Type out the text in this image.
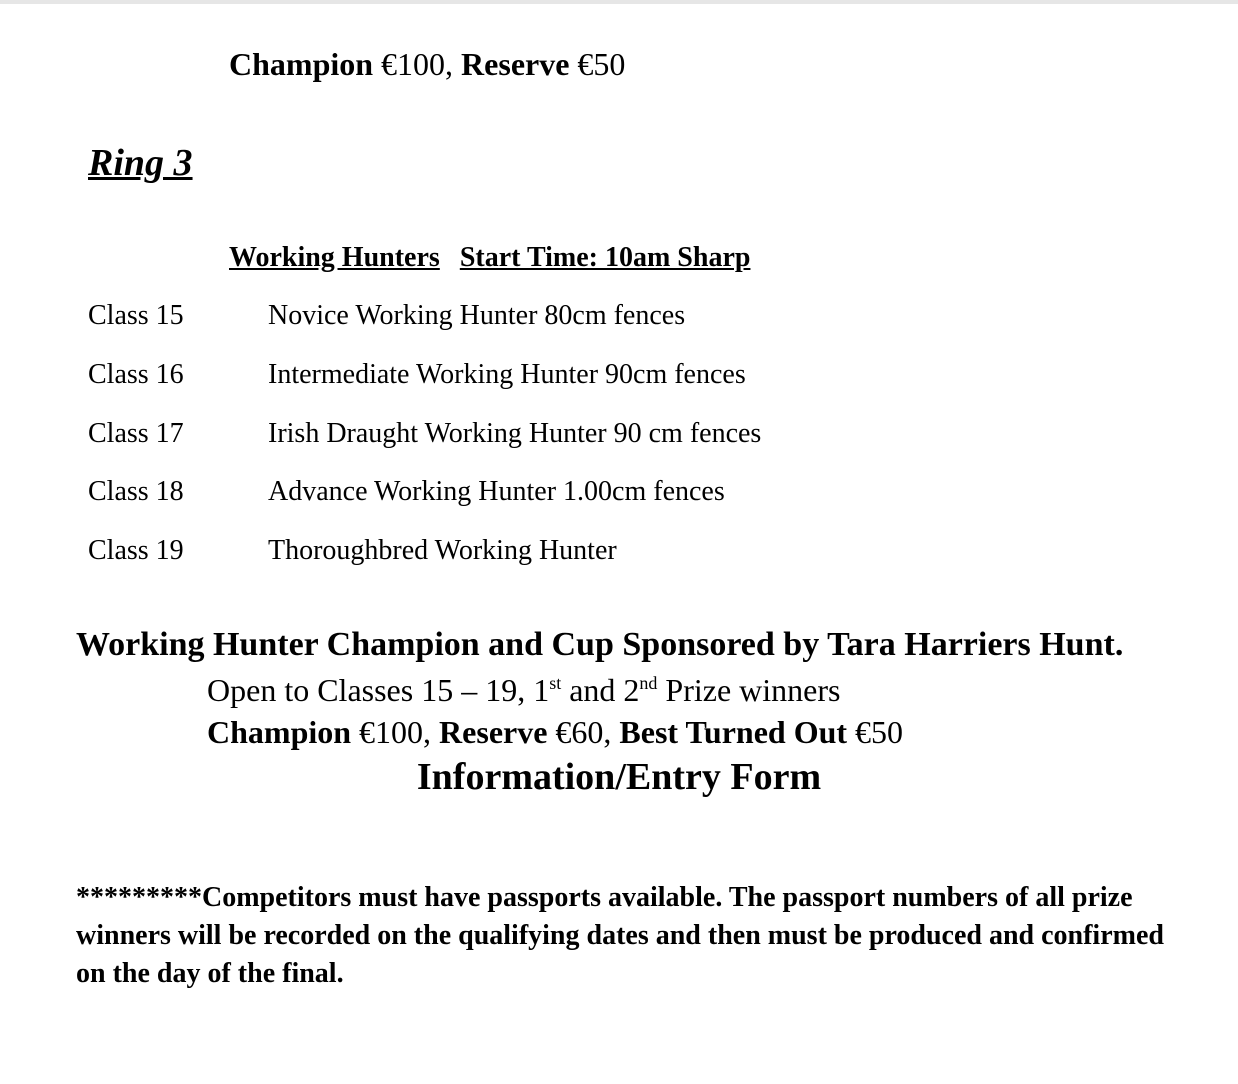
Champion €100, Reserve €50
Ring 3
Working Hunters Start Time: 10am Sharp
Class 15	Novice Working Hunter 80cm fences
Class 16	Intermediate Working Hunter 90cm fences
Class 17	Irish Draught Working Hunter 90 cm fences
Class 18	Advance Working Hunter 1.00cm fences
Class 19	Thoroughbred Working Hunter
Working Hunter Champion and Cup Sponsored by Tara Harriers Hunt.
Open to Classes 15 – 19, 1st and 2nd Prize winners
Champion €100, Reserve €60, Best Turned Out €50
Information/Entry Form
*********Competitors must have passports available. The passport numbers of all prize winners will be recorded on the qualifying dates and then must be produced and confirmed on the day of the final.
